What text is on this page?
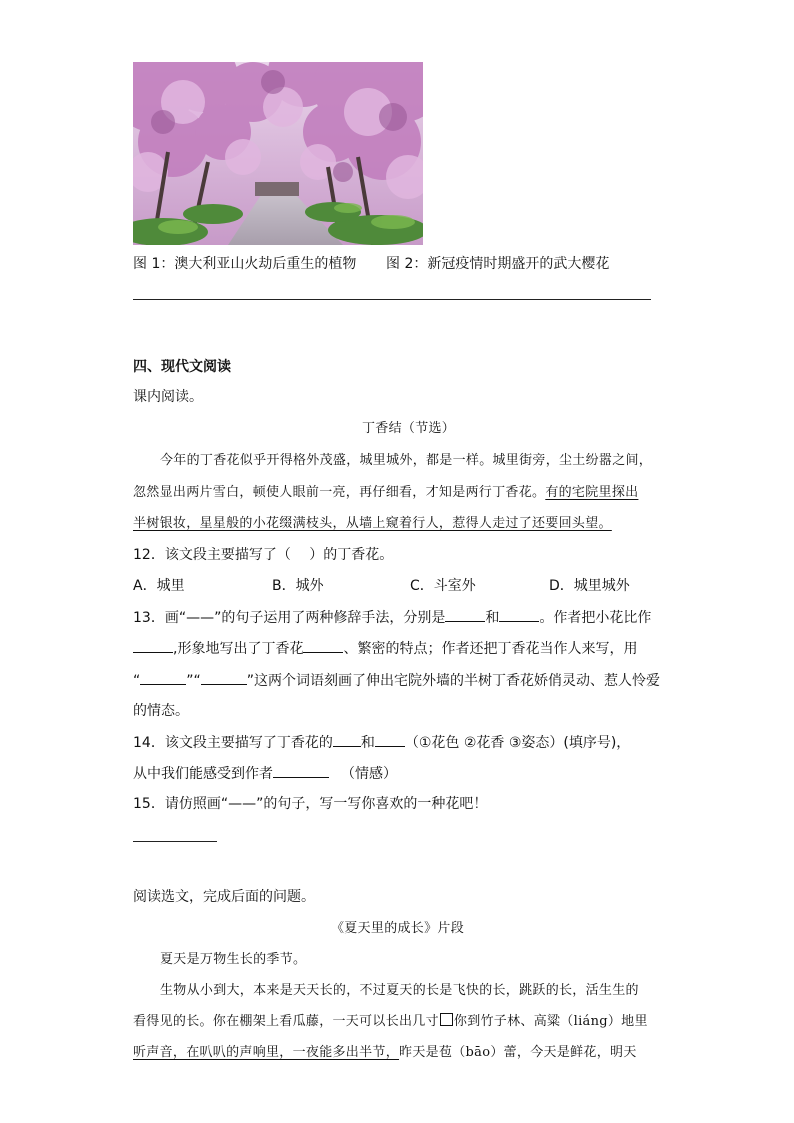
图 1：澳大利亚山火劫后重生的植物 图 2：新冠疫情时期盛开的武大樱花
四、现代文阅读
课内阅读。
丁香结（节选）
今年的丁香花似乎开得格外茂盛，城里城外，都是一样。城里街旁，尘土纷嚣之间，
忽然显出两片雪白，顿使人眼前一亮，再仔细看，才知是两行丁香花。有的宅院里探出
半树银妆，星星般的小花缀满枝头，从墙上窥着行人，惹得人走过了还要回头望。
12．该文段主要描写了（　 ）的丁香花。
A．城里	B．城外	C．斗室外	D．城里城外
13．画“——”的句子运用了两种修辞手法，分别是	和	。作者把小花比作
,形象地写出了丁香花	、繁密的特点；作者还把丁香花当作人来写，用
“	”“	”这两个词语刻画了伸出宅院外墙的半树丁香花娇俏灵动、惹人怜爱
的情态。
14．该文段主要描写了丁香花的 和 （①花色 ②花香 ③姿态）(填序号)，
从中我们能感受到作者	（情感）
15．请仿照画“——”的句子，写一写你喜欢的一种花吧！
阅读选文，完成后面的问题。
《夏天里的成长》片段
夏天是万物生长的季节。
生物从小到大，本来是天天长的，不过夏天的长是飞快的长，跳跃的长，活生生的
看得见的长。你在棚架上看瓜藤，一天可以长出几寸 你到竹子林、高粱（liáng）地里
听声音，在叭叭的声响里，一夜能多出半节，昨天是苞（bāo）蕾，今天是鲜花，明天
